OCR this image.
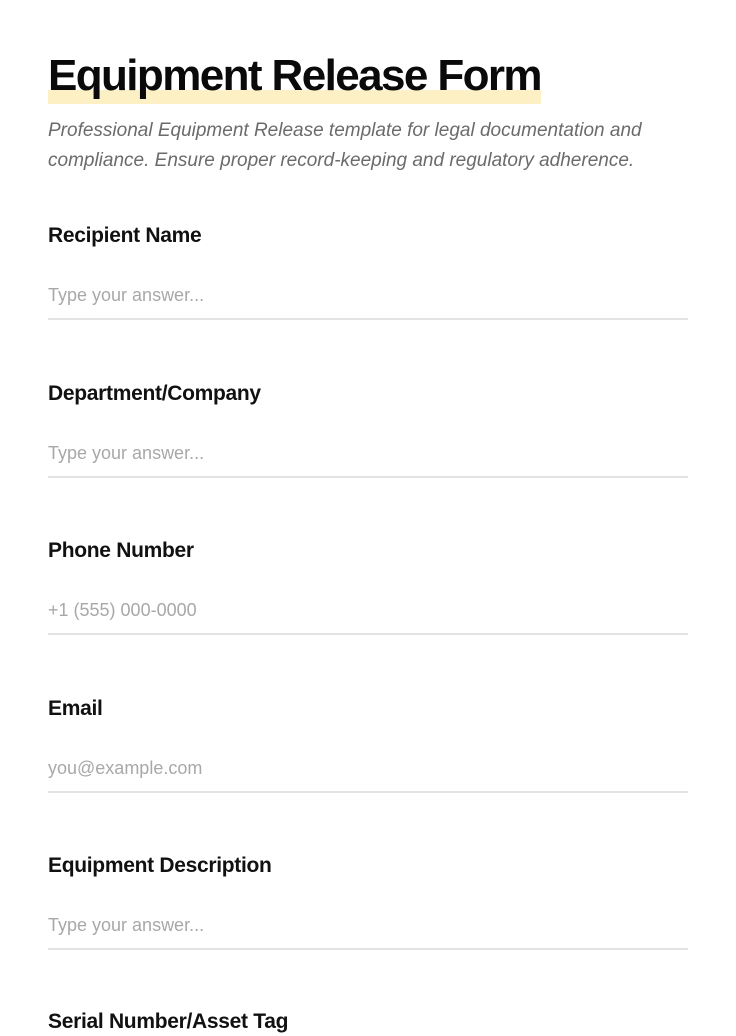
Equipment Release Form

Professional Equipment Release template for legal documentation and compliance. Ensure proper record-keeping and regulatory adherence.

Recipient Name
Type your answer...
Department/Company
Type your answer...
Phone Number
+1 (555) 000-0000
Email
you@example.com
Equipment Description
Type your answer...
Serial Number/Asset Tag
